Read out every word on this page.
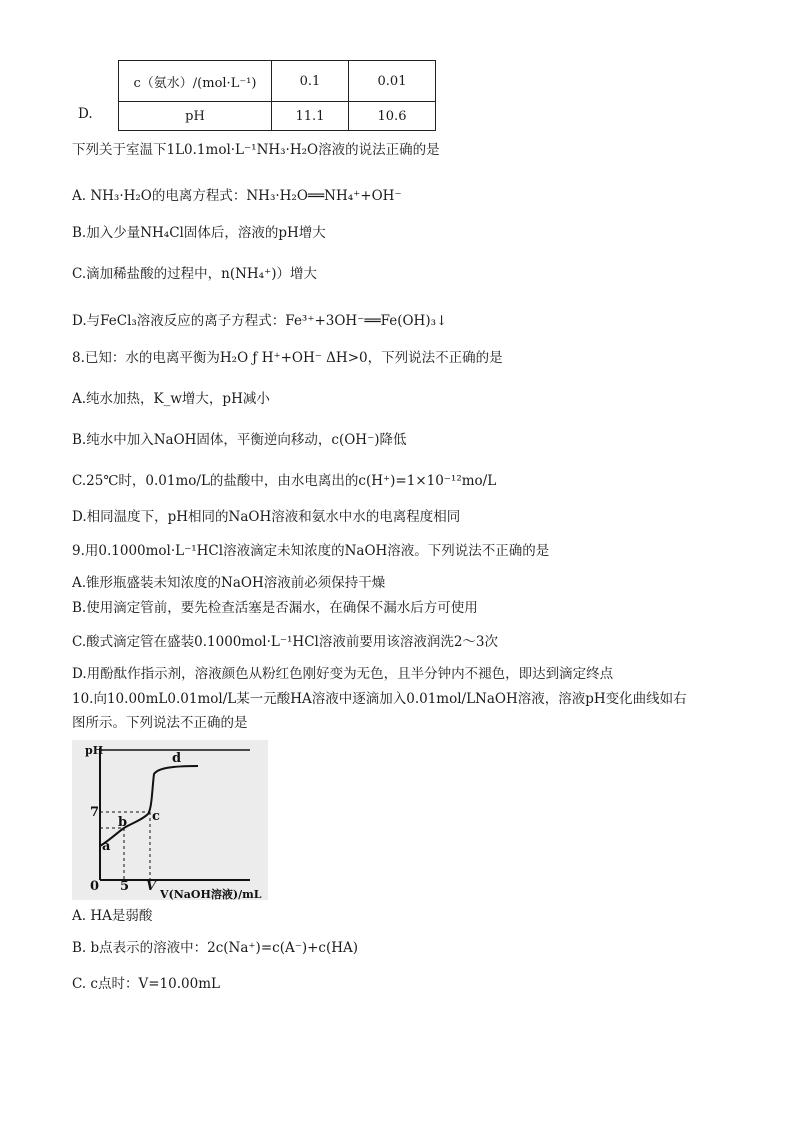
D.
c（氨水）/(mol·L⁻¹)	0.1	0.01
pH	11.1	10.6
下列关于室温下1L0.1mol·L⁻¹NH₃·H₂O溶液的说法正确的是
A. NH₃·H₂O的电离方程式：NH₃·H₂O══NH₄⁺+OH⁻
B.加入少量NH₄Cl固体后，溶液的pH增大
C.滴加稀盐酸的过程中，n(NH₄⁺)）增大
D.与FeCl₃溶液反应的离子方程式：Fe³⁺+3OH⁻══Fe(OH)₃↓
8.已知：水的电离平衡为H₂O ƒ H⁺+OH⁻ ΔH>0，下列说法不正确的是
A.纯水加热，K_w增大，pH减小
B.纯水中加入NaOH固体，平衡逆向移动，c(OH⁻)降低
C.25℃时，0.01mo/L的盐酸中，由水电离出的c(H⁺)=1×10⁻¹²mo/L
D.相同温度下，pH相同的NaOH溶液和氨水中水的电离程度相同
9.用0.1000mol·L⁻¹HCl溶液滴定未知浓度的NaOH溶液。下列说法不正确的是
A.锥形瓶盛装未知浓度的NaOH溶液前必须保持干燥
B.使用滴定管前，要先检查活塞是否漏水，在确保不漏水后方可使用
C.酸式滴定管在盛装0.1000mol·L⁻¹HCl溶液前要用该溶液润洗2～3次
D.用酚酞作指示剂，溶液颜色从粉红色刚好变为无色，且半分钟内不褪色，即达到滴定终点
10.向10.00mL0.01mol/L某一元酸HA溶液中逐滴加入0.01mol/LNaOH溶液，溶液pH变化曲线如右
图所示。下列说法不正确的是
a
b c
d
pH
7
0 5 V
V(NaOH溶液)/mL
A. HA是弱酸
B. b点表示的溶液中：2c(Na⁺)=c(A⁻)+c(HA)
C. c点时：V=10.00mL
